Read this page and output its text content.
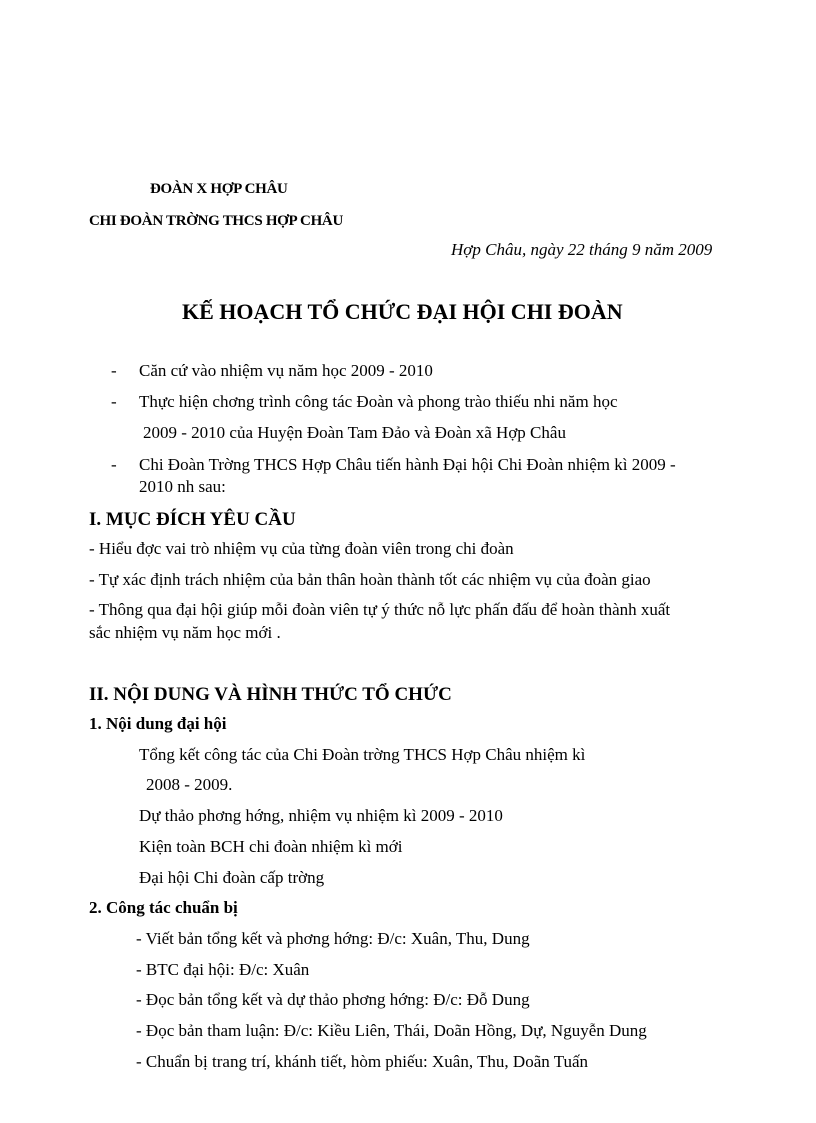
ĐOÀN X HỢP CHÂU
CHI ĐOÀN TRỜNG THCS HỢP CHÂU
Hợp Châu, ngày 22 tháng 9 năm 2009
KẾ HOẠCH TỔ CHỨC ĐẠI HỘI CHI ĐOÀN
- Căn cứ vào nhiệm vụ năm học 2009 - 2010
- Thực hiện chơng trình công tác Đoàn và phong trào thiếu nhi năm học
2009 - 2010 của Huyện Đoàn Tam Đảo và Đoàn xã Hợp Châu
- Chi Đoàn Trờng THCS Hợp Châu tiến hành Đại hội Chi Đoàn nhiệm kì 2009 -
2010 nh sau:
I. MỤC ĐÍCH YÊU CẦU
- Hiểu đợc vai trò nhiệm vụ của từng đoàn viên trong chi đoàn
- Tự xác định trách nhiệm của bản thân hoàn thành tốt các nhiệm vụ của đoàn giao
- Thông qua đại hội giúp mỗi đoàn viên tự ý thức nỗ lực phấn đấu để hoàn thành xuất
sắc nhiệm vụ năm học mới .
II. NỘI DUNG VÀ HÌNH THỨC TỔ CHỨC
1. Nội dung đại hội
Tổng kết công tác của Chi Đoàn trờng THCS Hợp Châu nhiệm kì
2008 - 2009.
Dự thảo phơng hớng, nhiệm vụ nhiệm kì 2009 - 2010
Kiện toàn BCH chi đoàn nhiệm kì mới
Đại hội Chi đoàn cấp trờng
2. Công tác chuẩn bị
- Viết bản tổng kết và phơng hớng: Đ/c: Xuân, Thu, Dung
- BTC đại hội: Đ/c: Xuân
- Đọc bản tổng kết và dự thảo phơng hớng: Đ/c: Đỗ Dung
- Đọc bản tham luận: Đ/c: Kiều Liên, Thái, Doãn Hồng, Dự, Nguyễn Dung
- Chuẩn bị trang trí, khánh tiết, hòm phiếu: Xuân, Thu, Doãn Tuấn
